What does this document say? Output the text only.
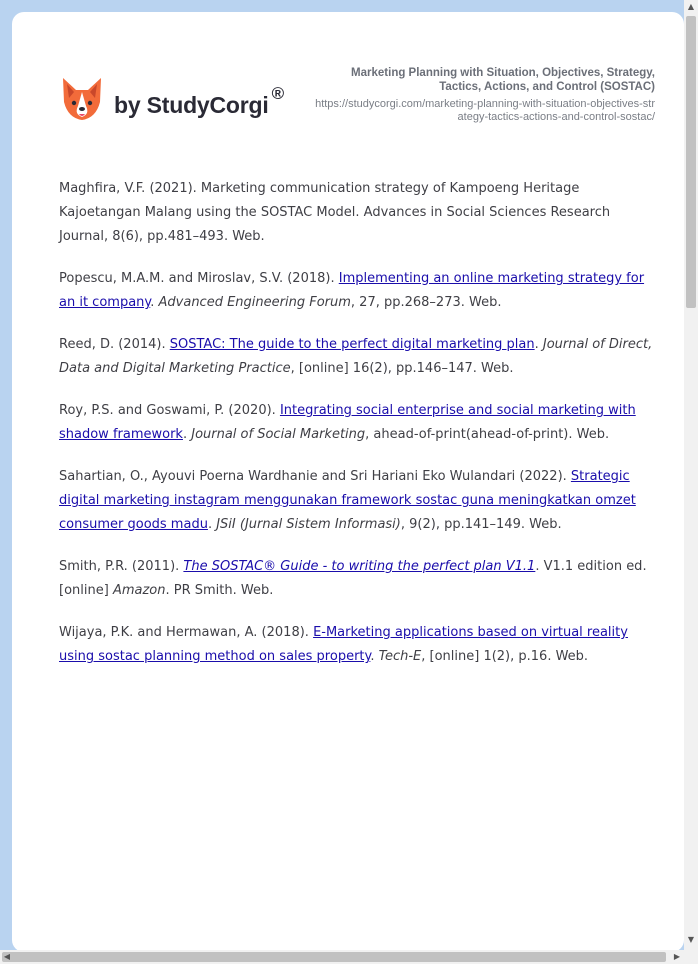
by StudyCorgi ®
Marketing Planning with Situation, Objectives, Strategy, Tactics, Actions, and Control (SOSTAC)
https://studycorgi.com/marketing-planning-with-situation-objectives-strategy-tactics-actions-and-control-sostac/

Maghfira, V.F. (2021). Marketing communication strategy of Kampoeng Heritage Kajoetangan Malang using the SOSTAC Model. Advances in Social Sciences Research Journal, 8(6), pp.481–493. Web.

Popescu, M.A.M. and Miroslav, S.V. (2018). Implementing an online marketing strategy for an it company. Advanced Engineering Forum, 27, pp.268–273. Web.

Reed, D. (2014). SOSTAC: The guide to the perfect digital marketing plan. Journal of Direct, Data and Digital Marketing Practice, [online] 16(2), pp.146–147. Web.

Roy, P.S. and Goswami, P. (2020). Integrating social enterprise and social marketing with shadow framework. Journal of Social Marketing, ahead-of-print(ahead-of-print). Web.

Sahartian, O., Ayouvi Poerna Wardhanie and Sri Hariani Eko Wulandari (2022). Strategic digital marketing instagram menggunakan framework sostac guna meningkatkan omzet consumer goods madu. JSiI (Jurnal Sistem Informasi), 9(2), pp.141–149. Web.

Smith, P.R. (2011). The SOSTAC® Guide - to writing the perfect plan V1.1. V1.1 edition ed. [online] Amazon. PR Smith. Web.

Wijaya, P.K. and Hermawan, A. (2018). E-Marketing applications based on virtual reality using sostac planning method on sales property. Tech-E, [online] 1(2), p.16. Web.

▲
▼
◀	▶
